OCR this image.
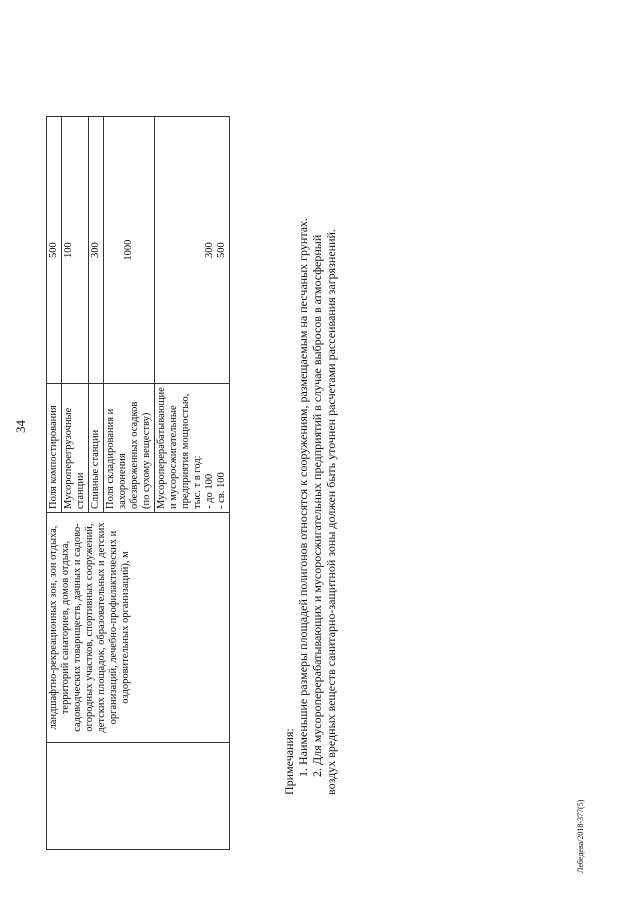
34
	ландшафтно-рекреационных зон, зон отдыха, территорий санаториев, домов отдыха, садоводческих товариществ, дачных и садово-огородных участков, спортивных сооружений, детских площадок, образовательных и детских организаций, лечебно-профилактических и оздоровительных организаций), м	Поля компостирования	500
		Мусороперегрузочные станции	100
		Сливные станции	300
		Поля складирования и захоронения обезвреженных осадков (по сухому веществу)	1000
		Мусороперерабатывающие и мусоросжигательные предприятия мощностью, тыс. т в год: - до 100 - св. 100	300 500
Примечания: 1. Наименьшие размеры площадей полигонов относятся к сооружениям, размещаемым на песчаных грунтах. 2. Для мусороперерабатывающих и мусоросжигательных предприятий в случае выбросов в атмосферный воздух вредных веществ санитарно-защитной зоны должен быть уточнен расчетами рассеивания загрязнений.
Лебедева/2018-377(5)
